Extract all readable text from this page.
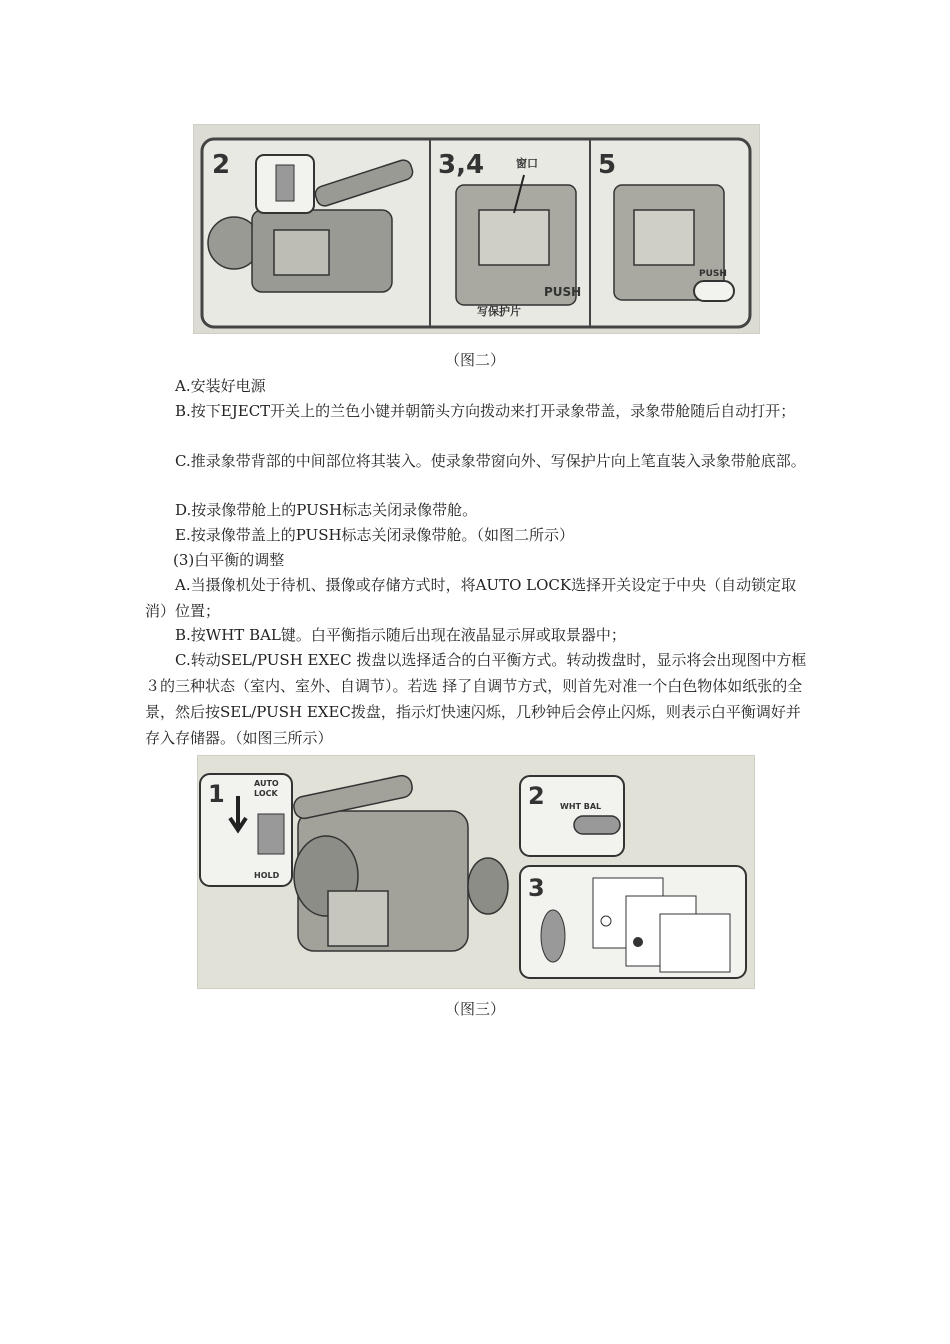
2	3,4	5
窗口
PUSH
写保护片
PUSH
（图二）

A.安装好电源

B.按下EJECT开关上的兰色小键并朝箭头方向拨动来打开录象带盖，录象带舱随后自动打开；

C.推录象带背部的中间部位将其装入。使录象带窗向外、写保护片向上笔直装入录象带舱底部。

D.按录像带舱上的PUSH标志关闭录像带舱。

E.按录像带盖上的PUSH标志关闭录像带舱。（如图二所示）

(3)白平衡的调整

A.当摄像机处于待机、摄像或存储方式时，将AUTO LOCK选择开关设定于中央（自动锁定取消）位置；

B.按WHT BAL键。白平衡指示随后出现在液晶显示屏或取景器中；

C.转动SEL/PUSH EXEC 拨盘以选择适合的白平衡方式。转动拨盘时，显示将会出现图中方框３的三种状态（室内、室外、自调节）。若选 择了自调节方式，则首先对准一个白色物体如纸张的全景，然后按SEL/PUSH EXEC拨盘，指示灯快速闪烁，几秒钟后会停止闪烁，则表示白平衡调好并存入存储器。（如图三所示）

1	AUTO
LOCK
HOLD
2 WHT BAL
3
（图三）
